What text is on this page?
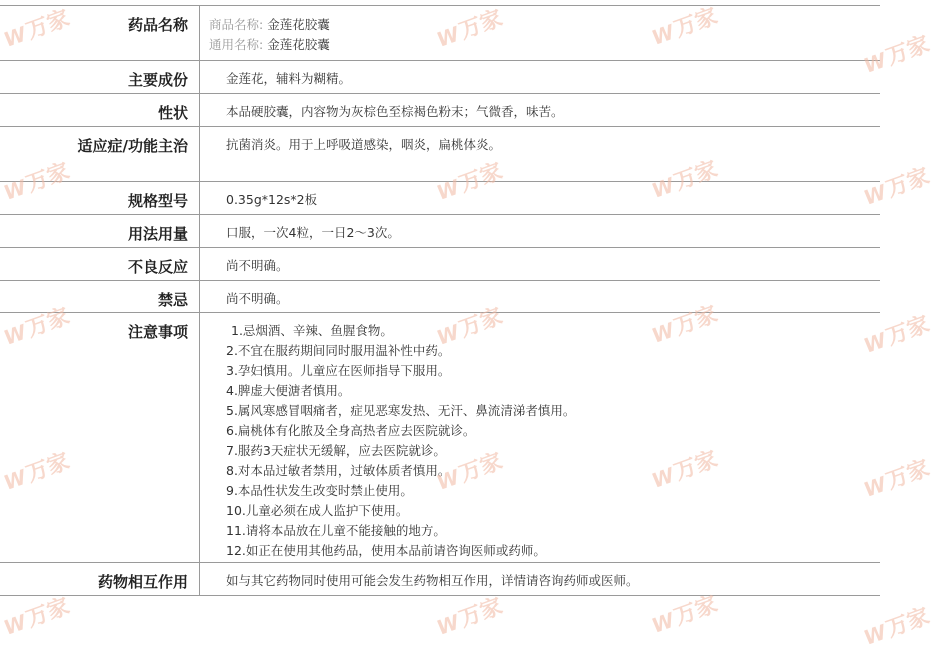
药品名称	商品名称: 金莲花胶囊
通用名称: 金莲花胶囊
主要成份	金莲花，辅料为糊精。
性状	本品硬胶囊，内容物为灰棕色至棕褐色粉末；气微香，味苦。
适应症/功能主治	抗菌消炎。用于上呼吸道感染，咽炎，扁桃体炎。
规格型号	0.35g*12s*2板
用法用量	口服，一次4粒，一日2～3次。
不良反应	尚不明确。
禁忌	尚不明确。
注意事项	1.忌烟酒、辛辣、鱼腥食物。
2.不宜在服药期间同时服用温补性中药。
3.孕妇慎用。儿童应在医师指导下服用。
4.脾虚大便溏者慎用。
5.属风寒感冒咽痛者，症见恶寒发热、无汗、鼻流清涕者慎用。
6.扁桃体有化脓及全身高热者应去医院就诊。
7.服药3天症状无缓解，应去医院就诊。
8.对本品过敏者禁用，过敏体质者慎用。
9.本品性状发生改变时禁止使用。
10.儿童必须在成人监护下使用。
11.请将本品放在儿童不能接触的地方。
12.如正在使用其他药品，使用本品前请咨询医师或药师。
药物相互作用	如与其它药物同时使用可能会发生药物相互作用，详情请咨询药师或医师。
W万家	W万家	W万家
W万家
W万家	W万家	W万家	W万家
W万家	W万家	W万家
W万家
W万家	W万家	W万家
W万家
W万家	W万家	W万家
W万家
